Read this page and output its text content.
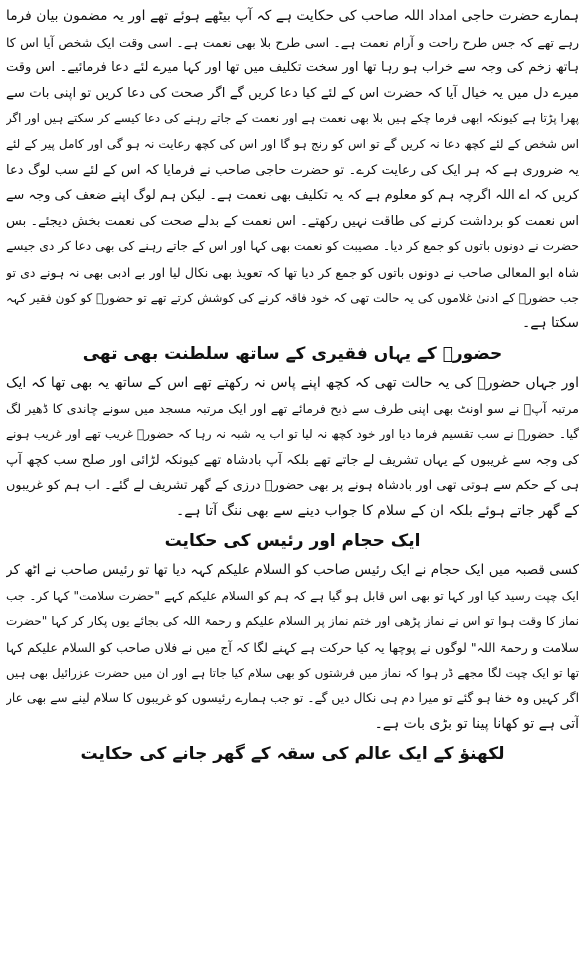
ہمارے حضرت حاجی امداد اللہ صاحب کی حکایت ہے کہ آپ بیٹھے ہوئے تھے اور یہ مضمون بیان فرما
رہے تھے کہ جس طرح راحت و آرام نعمت ہے۔ اسی طرح بلا بھی نعمت ہے۔ اسی وقت ایک شخص آیا اس کا
ہاتھ زخم کی وجہ سے خراب ہو رہا تھا اور سخت تکلیف میں تھا اور کہا میرے لئے دعا فرمائیے۔ اس وقت
میرے دل میں یہ خیال آیا کہ حضرت اس کے لئے کیا دعا کریں گے اگر صحت کی دعا کریں تو اپنی بات سے
پھرا پڑتا ہے کیونکہ ابھی فرما چکے ہیں بلا بھی نعمت ہے اور نعمت کے جاتے رہنے کی دعا کیسے کر سکتے ہیں اور اگر
اس شخص کے لئے کچھ دعا نہ کریں گے تو اس کو رنج ہو گا اور اس کی کچھ رعایت نہ ہو گی اور کامل پیر کے لئے
یہ ضروری ہے کہ ہر ایک کی رعایت کرے۔ تو حضرت حاجی صاحب نے فرمایا کہ اس کے لئے سب لوگ دعا
کریں کہ اے اللہ اگرچہ ہم کو معلوم ہے کہ یہ تکلیف بھی نعمت ہے۔ لیکن ہم لوگ اپنے ضعف کی وجہ سے
اس نعمت کو برداشت کرنے کی طاقت نہیں رکھتے۔ اس نعمت کے بدلے صحت کی نعمت بخش دیجئے۔ بس
حضرت نے دونوں باتوں کو جمع کر دیا۔ مصیبت کو نعمت بھی کہا اور اس کے جاتے رہنے کی بھی دعا کر دی جیسے
شاہ ابو المعالی صاحب نے دونوں باتوں کو جمع کر دیا تھا کہ تعویذ بھی نکال لیا اور بے ادبی بھی نہ ہونے دی تو
جب حضورؐ کے ادنیٰ غلاموں کی یہ حالت تھی کہ خود فاقہ کرنے کی کوشش کرتے تھے تو حضورؐ کو کون فقیر کہہ
سکتا ہے۔
حضورؐ کے یہاں فقیری کے ساتھ سلطنت بھی تھی
اور جہاں حضورؐ کی یہ حالت تھی کہ کچھ اپنے پاس نہ رکھتے تھے اس کے ساتھ یہ بھی تھا کہ ایک
مرتبہ آپؐ نے سو اونٹ بھی اپنی طرف سے ذبح فرمائے تھے اور ایک مرتبہ مسجد میں سونے چاندی کا ڈھیر لگ
گیا۔ حضورؐ نے سب تقسیم فرما دیا اور خود کچھ نہ لیا تو اب یہ شبہ نہ رہا کہ حضورؐ غریب تھے اور غریب ہونے
کی وجہ سے غریبوں کے یہاں تشریف لے جاتے تھے بلکہ آپ بادشاہ تھے کیونکہ لڑائی اور صلح سب کچھ آپ
ہی کے حکم سے ہوتی تھی اور بادشاہ ہونے پر بھی حضورؐ درزی کے گھر تشریف لے گئے۔ اب ہم کو غریبوں
کے گھر جاتے ہوئے بلکہ ان کے سلام کا جواب دینے سے بھی ننگ آتا ہے۔
ایک حجام اور رئیس کی حکایت
کسی قصبہ میں ایک حجام نے ایک رئیس صاحب کو السلام علیکم کہہ دیا تھا تو رئیس صاحب نے اٹھ کر
ایک چپت رسید کیا اور کہا تو بھی اس قابل ہو گیا ہے کہ ہم کو السلام علیکم کہے "حضرت سلامت" کہا کر۔ جب
نماز کا وقت ہوا تو اس نے نماز پڑھی اور ختم نماز پر السلام علیکم و رحمۃ اللہ کی بجائے یوں پکار کر کہا "حضرت
سلامت و رحمۃ اللہ" لوگوں نے پوچھا یہ کیا حرکت ہے کہنے لگا کہ آج میں نے فلاں صاحب کو السلام علیکم کہا
تھا تو ایک چپت لگا مجھے ڈر ہوا کہ نماز میں فرشتوں کو بھی سلام کیا جاتا ہے اور ان میں حضرت عزرائیل بھی ہیں
اگر کہیں وہ خفا ہو گئے تو میرا دم ہی نکال دیں گے۔ تو جب ہمارے رئیسوں کو غریبوں کا سلام لینے سے بھی عار
آتی ہے تو کھانا پینا تو بڑی بات ہے۔
لکھنؤ کے ایک عالم کی سقہ کے گھر جانے کی حکایت
